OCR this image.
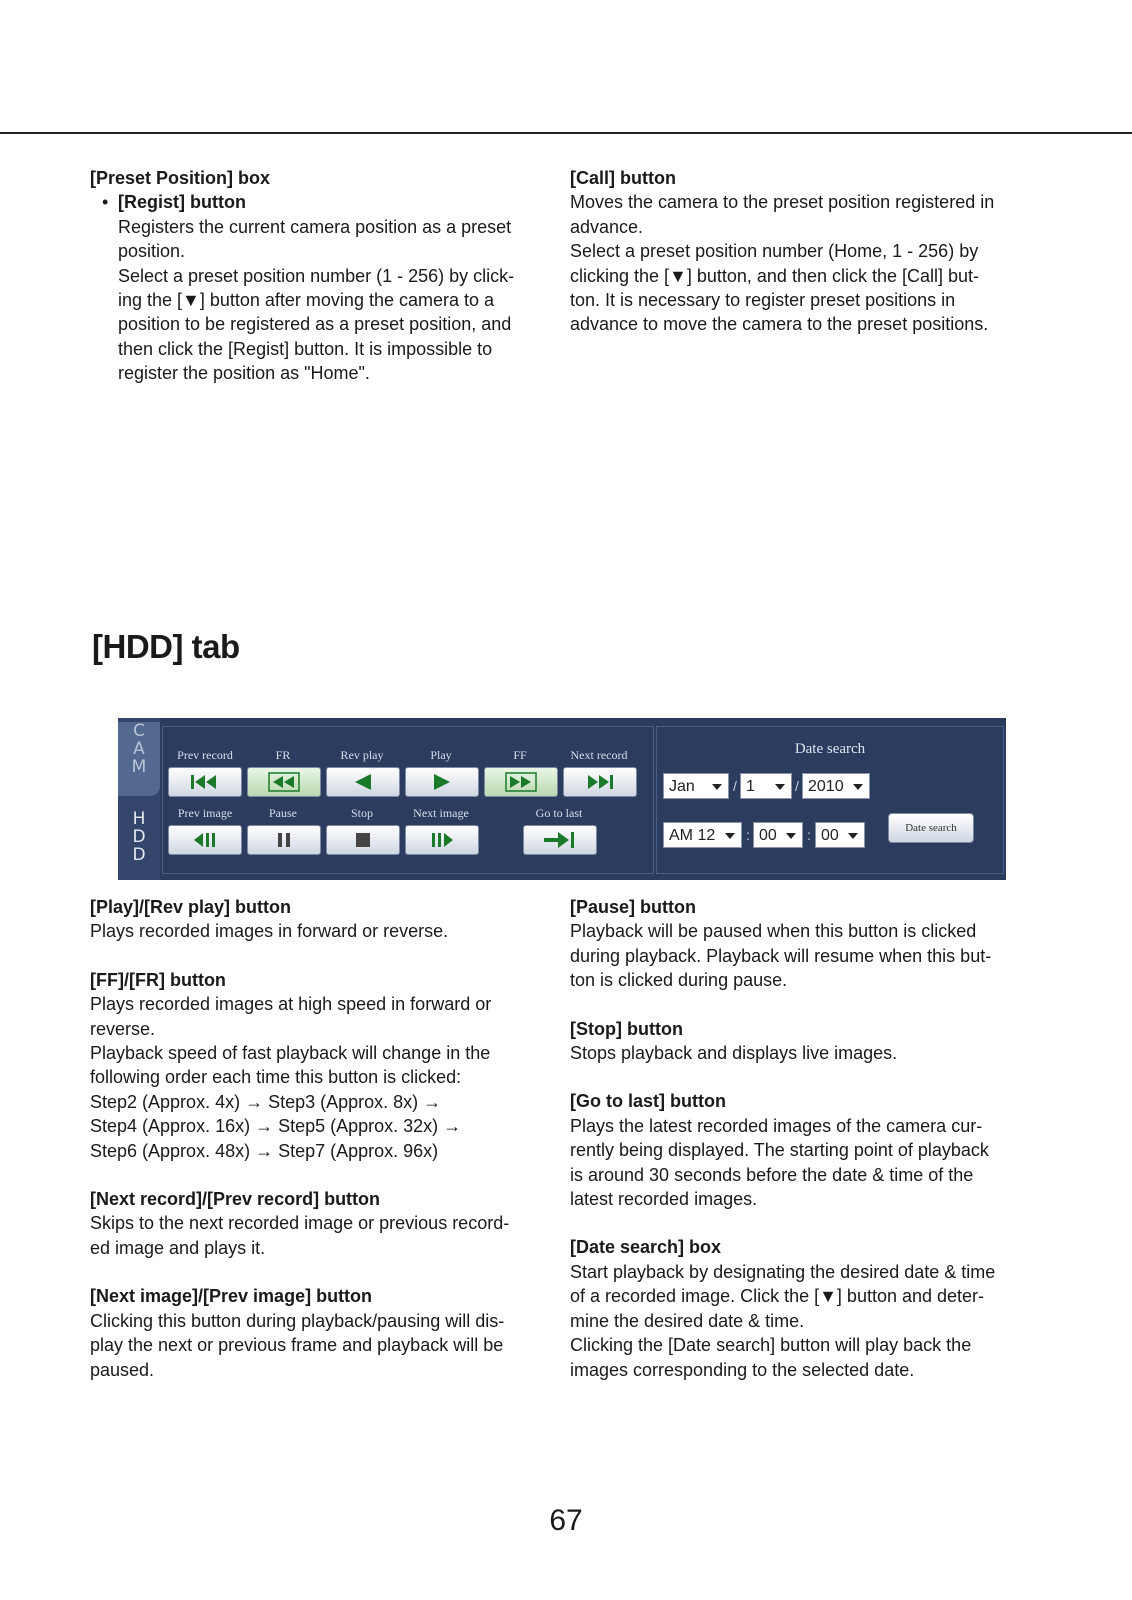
[Preset Position] box

• [Regist] button

Registers the current camera position as a preset

position.

Select a preset position number (1 - 256) by click-

ing the [▼] button after moving the camera to a

position to be registered as a preset position, and

then click the [Regist] button. It is impossible to

register the position as "Home".

[Call] button

Moves the camera to the preset position registered in

advance.

Select a preset position number (Home, 1 - 256) by

clicking the [▼] button, and then click the [Call] but-

ton. It is necessary to register preset positions in

advance to move the camera to the preset positions.

[HDD] tab
C
A
M
H
D
D
Prev record	FR	Rev play	Play	FF	Next record
Prev image	Pause	Stop	Next image	Go to last
Date search
Jan	/ 1	/ 2010
AM 12	: 00	: 00	Date search

[Play]/[Rev play] button

Plays recorded images in forward or reverse.

[FF]/[FR] button

Plays recorded images at high speed in forward or

reverse.

Playback speed of fast playback will change in the

following order each time this button is clicked:

Step2 (Approx. 4x) → Step3 (Approx. 8x) →

Step4 (Approx. 16x) → Step5 (Approx. 32x) →

Step6 (Approx. 48x) → Step7 (Approx. 96x)

[Next record]/[Prev record] button

Skips to the next recorded image or previous record-

ed image and plays it.

[Next image]/[Prev image] button

Clicking this button during playback/pausing will dis-

play the next or previous frame and playback will be

paused.

[Pause] button

Playback will be paused when this button is clicked

during playback. Playback will resume when this but-

ton is clicked during pause.

[Stop] button

Stops playback and displays live images.

[Go to last] button

Plays the latest recorded images of the camera cur-

rently being displayed. The starting point of playback

is around 30 seconds before the date & time of the

latest recorded images.

[Date search] box

Start playback by designating the desired date & time

of a recorded image. Click the [▼] button and deter-

mine the desired date & time.

Clicking the [Date search] button will play back the

images corresponding to the selected date.

67
